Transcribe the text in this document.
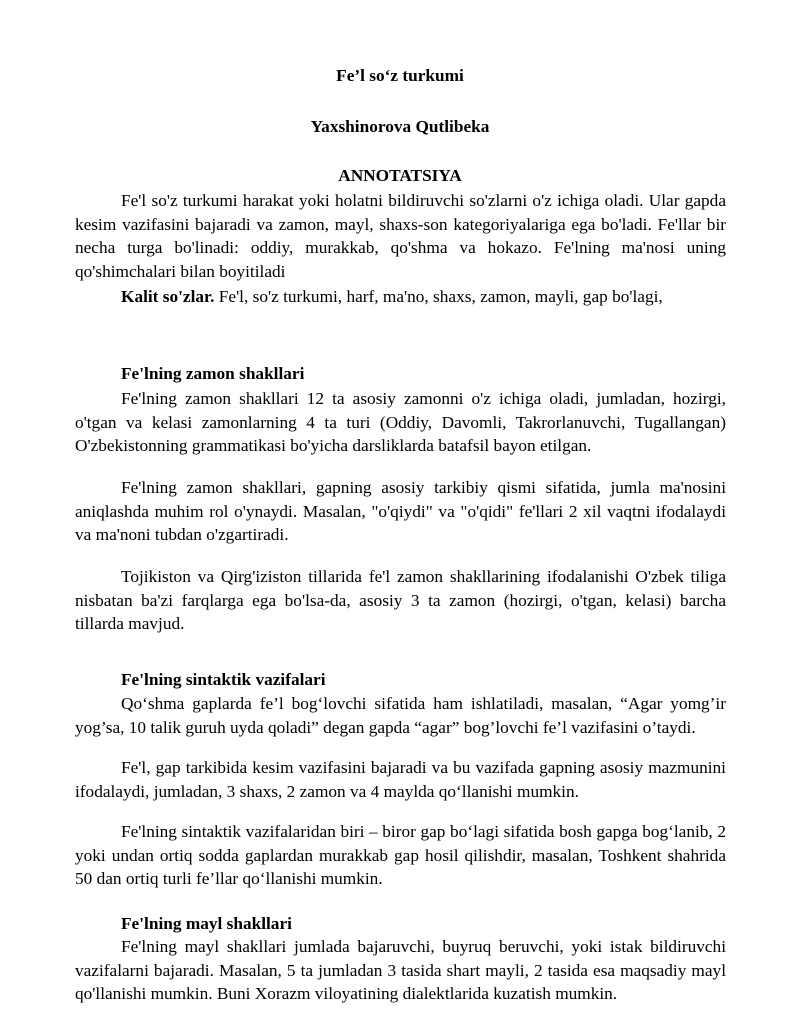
Fe’l so‘z turkumi
Yaxshinorova Qutlibeka
ANNOTATSIYA

Fe'l so'z turkumi harakat yoki holatni bildiruvchi so'zlarni o'z ichiga oladi. Ular gapda kesim vazifasini bajaradi va zamon, mayl, shaxs-son kategoriyalariga ega bo'ladi. Fe'llar bir necha turga bo'linadi: oddiy, murakkab, qo'shma va hokazo. Fe'lning ma'nosi uning qo'shimchalari bilan boyitiladi

Kalit so'zlar. Fe'l, so'z turkumi, harf, ma'no, shaxs, zamon, mayli, gap bo'lagi,
Fe'lning zamon shakllari

Fe'lning zamon shakllari 12 ta asosiy zamonni o'z ichiga oladi, jumladan, hozirgi, o'tgan va kelasi zamonlarning 4 ta turi (Oddiy, Davomli, Takrorlanuvchi, Tugallangan) O'zbekistonning grammatikasi bo'yicha darsliklarda batafsil bayon etilgan.

Fe'lning zamon shakllari, gapning asosiy tarkibiy qismi sifatida, jumla ma'nosini aniqlashda muhim rol o'ynaydi. Masalan, "o'qiydi" va "o'qidi" fe'llari 2 xil vaqtni ifodalaydi va ma'noni tubdan o'zgartiradi.

Tojikiston va Qirg'iziston tillarida fe'l zamon shakllarining ifodalanishi O'zbek tiliga nisbatan ba'zi farqlarga ega bo'lsa-da, asosiy 3 ta zamon (hozirgi, o'tgan, kelasi) barcha tillarda mavjud.

Fe'lning sintaktik vazifalari

Qo‘shma gaplarda fe’l bog‘lovchi sifatida ham ishlatiladi, masalan, “Agar yomg’ir yog’sa, 10 talik guruh uyda qoladi” degan gapda “agar” bog’lovchi fe’l vazifasini o’taydi.

Fe'l, gap tarkibida kesim vazifasini bajaradi va bu vazifada gapning asosiy mazmunini ifodalaydi, jumladan, 3 shaxs, 2 zamon va 4 maylda qo‘llanishi mumkin.

Fe'lning sintaktik vazifalaridan biri – biror gap bo‘lagi sifatida bosh gapga bog‘lanib, 2 yoki undan ortiq sodda gaplardan murakkab gap hosil qilishdir, masalan, Toshkent shahrida 50 dan ortiq turli fe’llar qo‘llanishi mumkin.

Fe'lning mayl shakllari

Fe'lning mayl shakllari jumlada bajaruvchi, buyruq beruvchi, yoki istak bildiruvchi vazifalarni bajaradi. Masalan, 5 ta jumladan 3 tasida shart mayli, 2 tasida esa maqsadiy mayl qo'llanishi mumkin. Buni Xorazm viloyatining dialektlarida kuzatish mumkin.
